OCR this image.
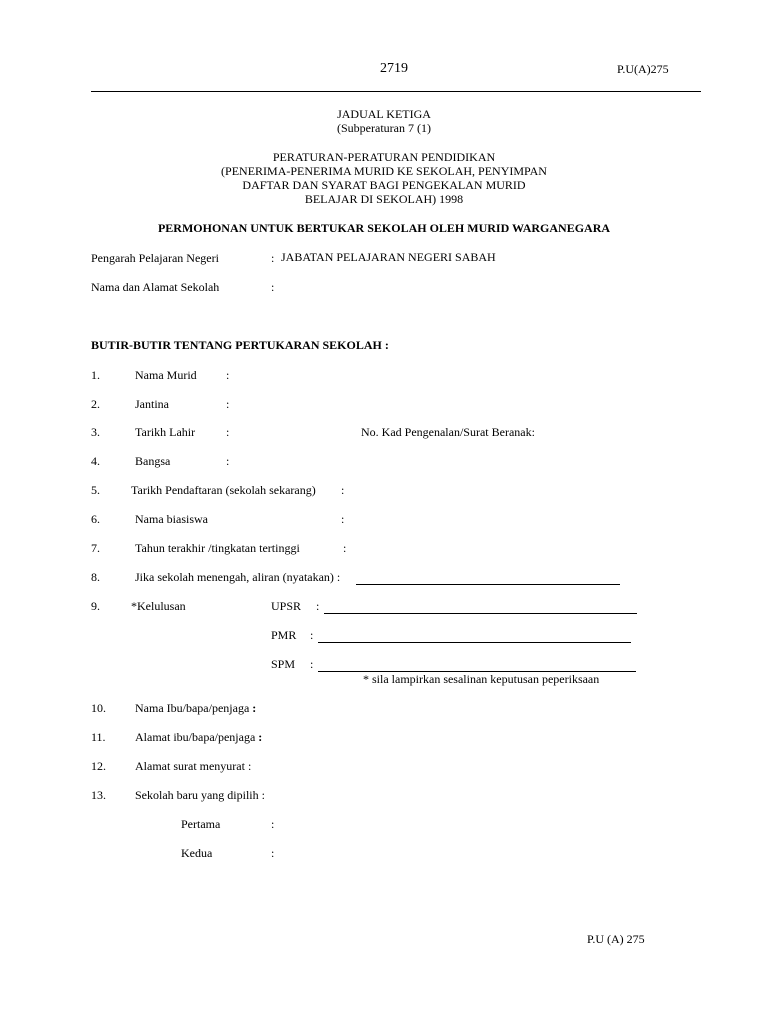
2719	P.U(A)275
JADUAL KETIGA
(Subperaturan 7 (1)
PERATURAN-PERATURAN PENDIDIKAN
(PENERIMA-PENERIMA MURID KE SEKOLAH, PENYIMPAN
DAFTAR DAN SYARAT BAGI PENGEKALAN MURID
BELAJAR DI SEKOLAH) 1998
PERMOHONAN UNTUK BERTUKAR SEKOLAH OLEH MURID WARGANEGARA
Pengarah Pelajaran Negeri	: JABATAN PELAJARAN NEGERI SABAH
Nama dan Alamat Sekolah	:
BUTIR-BUTIR TENTANG PERTUKARAN SEKOLAH :
1.	Nama Murid :
2.	Jantina	:
3.	Tarikh Lahir	:	No. Kad Pengenalan/Surat Beranak:
4.	Bangsa	:
5.	Tarikh Pendaftaran (sekolah sekarang) :
6.	Nama biasiswa	:
7.	Tahun terakhir /tingkatan tertinggi	:
8.	Jika sekolah menengah, aliran (nyatakan) :
9.	*Kelulusan	UPSR :
PMR :
SPM :
* sila lampirkan sesalinan keputusan peperiksaan
10. Nama Ibu/bapa/penjaga :
11. Alamat ibu/bapa/penjaga :
12. Alamat surat menyurat :
13. Sekolah baru yang dipilih :
Pertama	:
Kedua	:
P.U (A) 275
